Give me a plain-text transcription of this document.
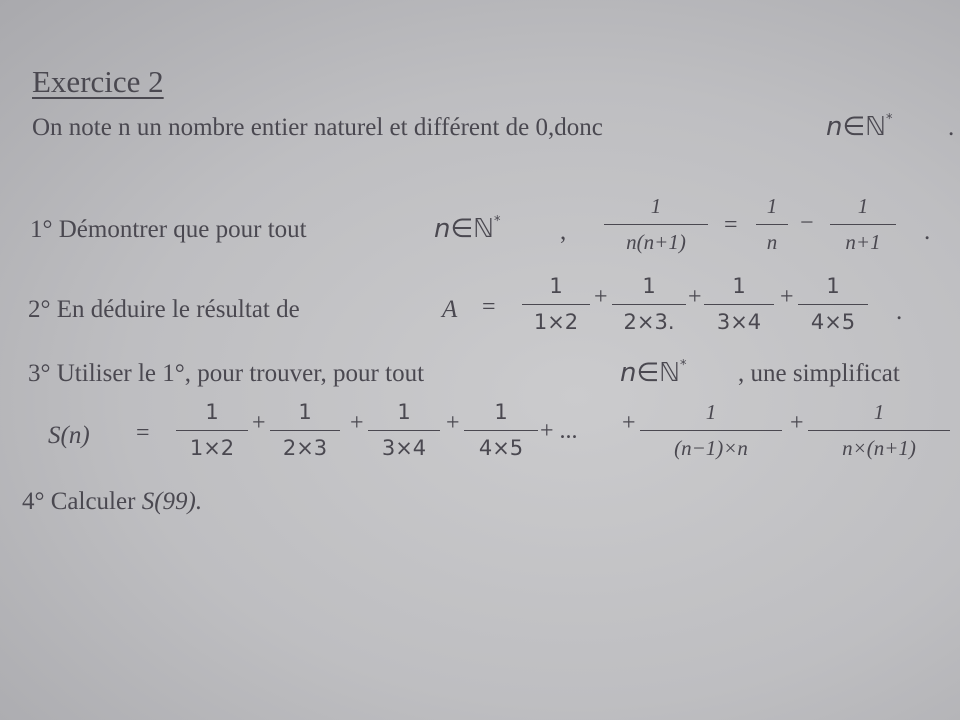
Exercice 2
On note n un nombre entier naturel et différent de 0,donc	n∈ℕ* .
1° Démontrer que pour tout	n∈ℕ* ,
1
n(n+1)
=
1
n
−
1
n+1	.
2° En déduire le résultat de	A =
1
1×2
+	1
2×3.
+	1
3×4
+	1
4×5	.
3° Utiliser le 1°, pour trouver, pour tout	n∈ℕ* , une simplificat
S(n) =
1
1×2
+	1
2×3
+	1
3×4
+	1
4×5
+ ... +	1
(n−1)×n
+	1
n×(n+1)
4° Calculer S(99).
